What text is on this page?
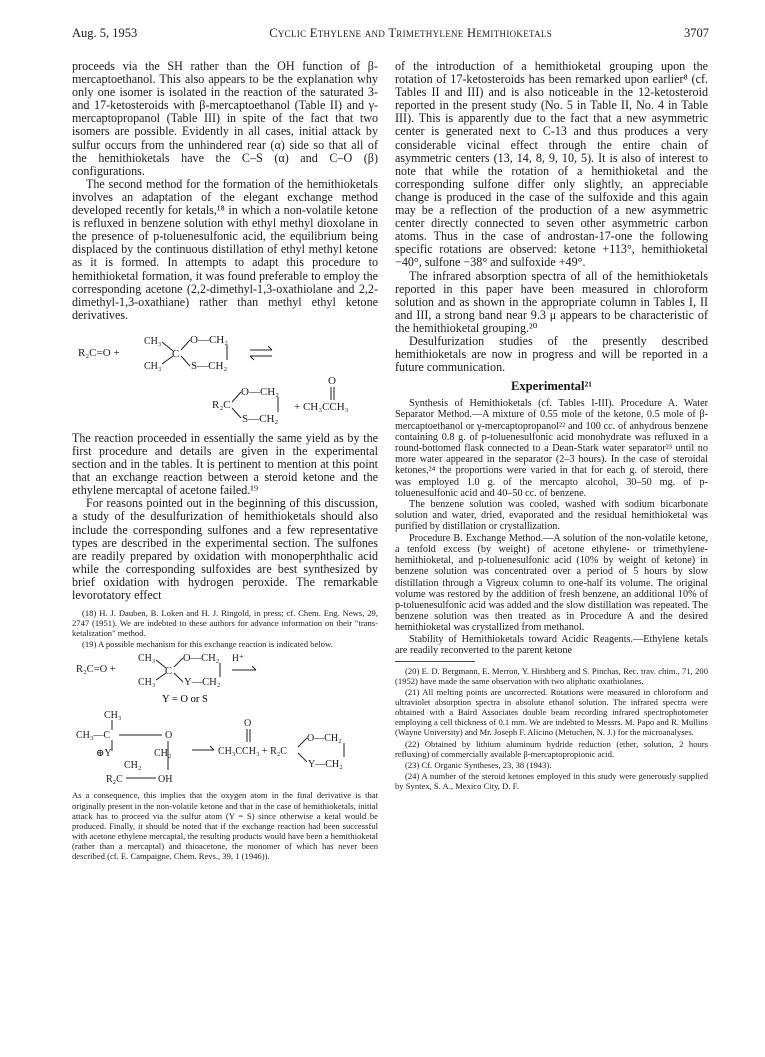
Aug. 5, 1953	Cyclic Ethylene and Trimethylene Hemithioketals	3707

proceeds via the SH rather than the OH function of β-mercaptoethanol. This also appears to be the explanation why only one isomer is isolated in the reaction of the saturated 3- and 17-ketosteroids with β-mercaptoethanol (Table II) and γ-mercaptopropanol (Table III) in spite of the fact that two isomers are possible. Evidently in all cases, initial attack by sulfur occurs from the unhindered rear (α) side so that all of the hemithioketals have the C–S (α) and C–O (β) configurations.

The second method for the formation of the hemithioketals involves an adaptation of the elegant exchange method developed recently for ketals,¹⁸ in which a non-volatile ketone is refluxed in benzene solution with ethyl methyl dioxolane in the presence of p-toluenesulfonic acid, the equilibrium being displaced by the continuous distillation of ethyl methyl ketone as it is formed. In attempts to adapt this procedure to hemithioketal formation, it was found preferable to employ the corresponding acetone (2,2-dimethyl-1,3-oxathiolane and 2,2-dimethyl-1,3-oxathiane) rather than methyl ethyl ketone derivatives.

R₂C=O +
CH₃
CH₃
C
O—CH₂
S—CH₂
R₂C
O—CH₂
S—CH₂
+ CH₃CCH₃
O

The reaction proceeded in essentially the same yield as by the first procedure and details are given in the experimental section and in the tables. It is pertinent to mention at this point that an exchange reaction between a steroid ketone and the ethylene mercaptal of acetone failed.¹⁹

For reasons pointed out in the beginning of this discussion, a study of the desulfurization of hemithioketals should also include the corresponding sulfones and a few representative types are described in the experimental section. The sulfones are readily prepared by oxidation with monoperphthalic acid while the corresponding sulfoxides are best synthesized by brief oxidation with hydrogen peroxide. The remarkable levorotatory effect

(18) H. J. Dauben, B. Loken and H. J. Ringold, in press; cf. Chem. Eng. News, 29, 2747 (1951). We are indebted to these authors for advance information on their "trans-ketalization" method.

(19) A possible mechanism for this exchange reaction is indicated below.

R₂C=O +
CH₃
CH₃
C
O—CH₂
Y—CH₂
H⁺
Y = O or S
CH₃
CH₃—C	O
⊕Y	CH₂
CH₂
R₂C	OH
CH₃CCH₃ + R₂C
O
O—CH₂
Y—CH₂

As a consequence, this implies that the oxygen atom in the final derivative is that originally present in the non-volatile ketone and that in the case of hemithioketals, initial attack has to proceed via the sulfur atom (Y = S) since otherwise a ketal would be produced. Finally, it should be noted that if the exchange reaction had been successful with acetone ethylene mercaptal, the resulting products would have been a hemithioketal (rather than a mercaptal) and thioacetone, the monomer of which has never been described (cf. E. Campaigne, Chem. Revs., 39, 1 (1946)).

of the introduction of a hemithioketal grouping upon the rotation of 17-ketosteroids has been remarked upon earlier⁸ (cf. Tables II and III) and is also noticeable in the 12-ketosteroid reported in the present study (No. 5 in Table II, No. 4 in Table III). This is apparently due to the fact that a new asymmetric center is generated next to C-13 and thus produces a very considerable vicinal effect through the entire chain of asymmetric centers (13, 14, 8, 9, 10, 5). It is also of interest to note that while the rotation of a hemithioketal and the corresponding sulfone differ only slightly, an appreciable change is produced in the case of the sulfoxide and this again may be a reflection of the production of a new asymmetric center directly connected to seven other asymmetric carbon atoms. Thus in the case of androstan-17-one the following specific rotations are observed: ketone +113°, hemithioketal −40°, sulfone −38° and sulfoxide +49°.

The infrared absorption spectra of all of the hemithioketals reported in this paper have been measured in chloroform solution and as shown in the appropriate column in Tables I, II and III, a strong band near 9.3 μ appears to be characteristic of the hemithioketal grouping.²⁰

Desulfurization studies of the presently described hemithioketals are now in progress and will be reported in a future communication.

Experimental²¹

Synthesis of Hemithioketals (cf. Tables I-III). Procedure A. Water Separator Method.—A mixture of 0.55 mole of the ketone, 0.5 mole of β-mercaptoethanol or γ-mercaptopropanol²² and 100 cc. of anhydrous benzene containing 0.8 g. of p-toluenesulfonic acid monohydrate was refluxed in a round-bottomed flask connected to a Dean-Stark water separator²³ until no more water appeared in the separator (2–3 hours). In the case of steroidal ketones,²⁴ the proportions were varied in that for each g. of steroid, there was employed 1.0 g. of the mercapto alcohol, 30–50 mg. of p-toluenesulfonic acid and 40–50 cc. of benzene.

The benzene solution was cooled, washed with sodium bicarbonate solution and water, dried, evaporated and the residual hemithioketal was purified by distillation or crystallization.

Procedure B. Exchange Method.—A solution of the non-volatile ketone, a tenfold excess (by weight) of acetone ethylene- or trimethylene-hemithioketal, and p-toluenesulfonic acid (10% by weight of ketone) in benzene solution was concentrated over a period of 5 hours by slow distillation through a Vigreux column to one-half its volume. The original volume was restored by the addition of fresh benzene, an additional 10% of p-toluenesulfonic acid was added and the slow distillation was repeated. The benzene solution was then treated as in Procedure A and the desired hemithioketal was crystallized from methanol.

Stability of Hemithioketals toward Acidic Reagents.—Ethylene ketals are readily reconverted to the parent ketone

(20) E. D. Bergmann, E. Merron, Y. Hirshberg and S. Pinchas, Rec. trav. chim., 71, 200 (1952) have made the same observation with two aliphatic oxathiolanes.

(21) All melting points are uncorrected. Rotations were measured in chloroform and ultraviolet absorption spectra in absolute ethanol solution. The infrared spectra were obtained with a Baird Associates double beam recording infrared spectrophotometer employing a cell thickness of 0.1 mm. We are indebted to Messrs. M. Papo and R. Mullins (Wayne University) and Mr. Joseph F. Alicino (Metuchen, N. J.) for the microanalyses.

(22) Obtained by lithium aluminum hydride reduction (ether, solution, 2 hours refluxing) of commercially available β-mercaptopropionic acid.

(23) Cf. Organic Syntheses, 23, 38 (1943).

(24) A number of the steroid ketones employed in this study were generously supplied by Syntex, S. A., Mexico City, D. F.
